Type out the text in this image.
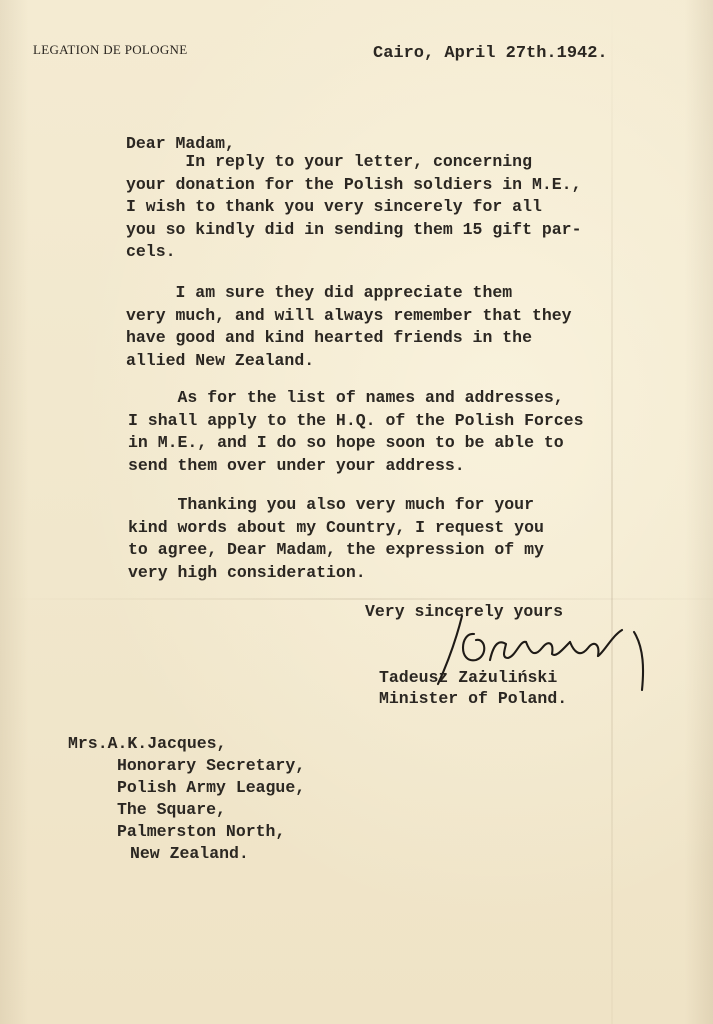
LEGATION DE POLOGNE	Cairo, April 27th.1942.
Dear Madam,
In reply to your letter, concerning
your donation for the Polish soldiers in M.E.,
I wish to thank you very sincerely for all
you so kindly did in sending them 15 gift par-
cels.
I am sure they did appreciate them
very much, and will always remember that they
have good and kind hearted friends in the
allied New Zealand.
As for the list of names and addresses,
I shall apply to the H.Q. of the Polish Forces
in M.E., and I do so hope soon to be able to
send them over under your address.
Thanking you also very much for your
kind words about my Country, I request you
to agree, Dear Madam, the expression of my
very high consideration.
Very sincerely yours
Tadeusz Zażuliński
Minister of Poland.
Mrs.A.K.Jacques,
Honorary Secretary,
Polish Army League,
The Square,
Palmerston North,
New Zealand.
